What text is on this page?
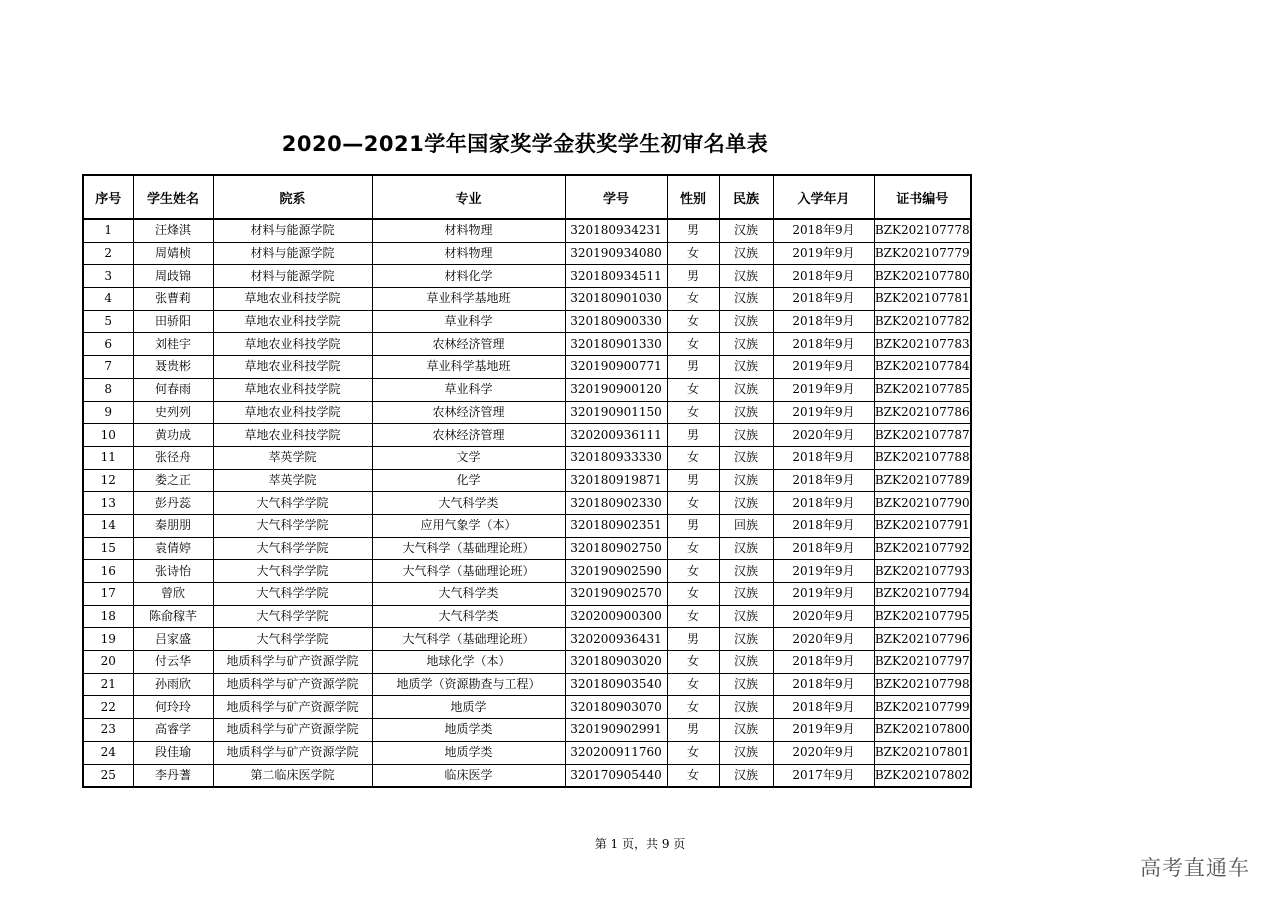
2020—2021学年国家奖学金获奖学生初审名单表
序号	学生姓名	院系	专业	学号	性别	民族	入学年月	证书编号
1	汪烽淇	材料与能源学院	材料物理	320180934231	男	汉族	2018年9月	BZK202107778
2	周婧桢	材料与能源学院	材料物理	320190934080	女	汉族	2019年9月	BZK202107779
3	周歧锦	材料与能源学院	材料化学	320180934511	男	汉族	2018年9月	BZK202107780
4	张曹莉	草地农业科技学院	草业科学基地班	320180901030	女	汉族	2018年9月	BZK202107781
5	田骄阳	草地农业科技学院	草业科学	320180900330	女	汉族	2018年9月	BZK202107782
6	刘桂宇	草地农业科技学院	农林经济管理	320180901330	女	汉族	2018年9月	BZK202107783
7	聂贵彬	草地农业科技学院	草业科学基地班	320190900771	男	汉族	2019年9月	BZK202107784
8	何春雨	草地农业科技学院	草业科学	320190900120	女	汉族	2019年9月	BZK202107785
9	史列列	草地农业科技学院	农林经济管理	320190901150	女	汉族	2019年9月	BZK202107786
10	黄功成	草地农业科技学院	农林经济管理	320200936111	男	汉族	2020年9月	BZK202107787
11	张径舟	萃英学院	文学	320180933330	女	汉族	2018年9月	BZK202107788
12	娄之正	萃英学院	化学	320180919871	男	汉族	2018年9月	BZK202107789
13	彭丹蕊	大气科学学院	大气科学类	320180902330	女	汉族	2018年9月	BZK202107790
14	秦朋朋	大气科学学院	应用气象学（本）	320180902351	男	回族	2018年9月	BZK202107791
15	袁倩婷	大气科学学院	大气科学（基础理论班）	320180902750	女	汉族	2018年9月	BZK202107792
16	张诗怡	大气科学学院	大气科学（基础理论班）	320190902590	女	汉族	2019年9月	BZK202107793
17	曾欣	大气科学学院	大气科学类	320190902570	女	汉族	2019年9月	BZK202107794
18	陈俞稼芊	大气科学学院	大气科学类	320200900300	女	汉族	2020年9月	BZK202107795
19	吕家盛	大气科学学院	大气科学（基础理论班）	320200936431	男	汉族	2020年9月	BZK202107796
20	付云华	地质科学与矿产资源学院	地球化学（本）	320180903020	女	汉族	2018年9月	BZK202107797
21	孙雨欣	地质科学与矿产资源学院	地质学（资源勘查与工程）	320180903540	女	汉族	2018年9月	BZK202107798
22	何玲玲	地质科学与矿产资源学院	地质学	320180903070	女	汉族	2018年9月	BZK202107799
23	高睿学	地质科学与矿产资源学院	地质学类	320190902991	男	汉族	2019年9月	BZK202107800
24	段佳瑜	地质科学与矿产资源学院	地质学类	320200911760	女	汉族	2020年9月	BZK202107801
25	李丹蓍	第二临床医学院	临床医学	320170905440	女	汉族	2017年9月	BZK202107802
第 1 页，共 9 页
高考直通车
